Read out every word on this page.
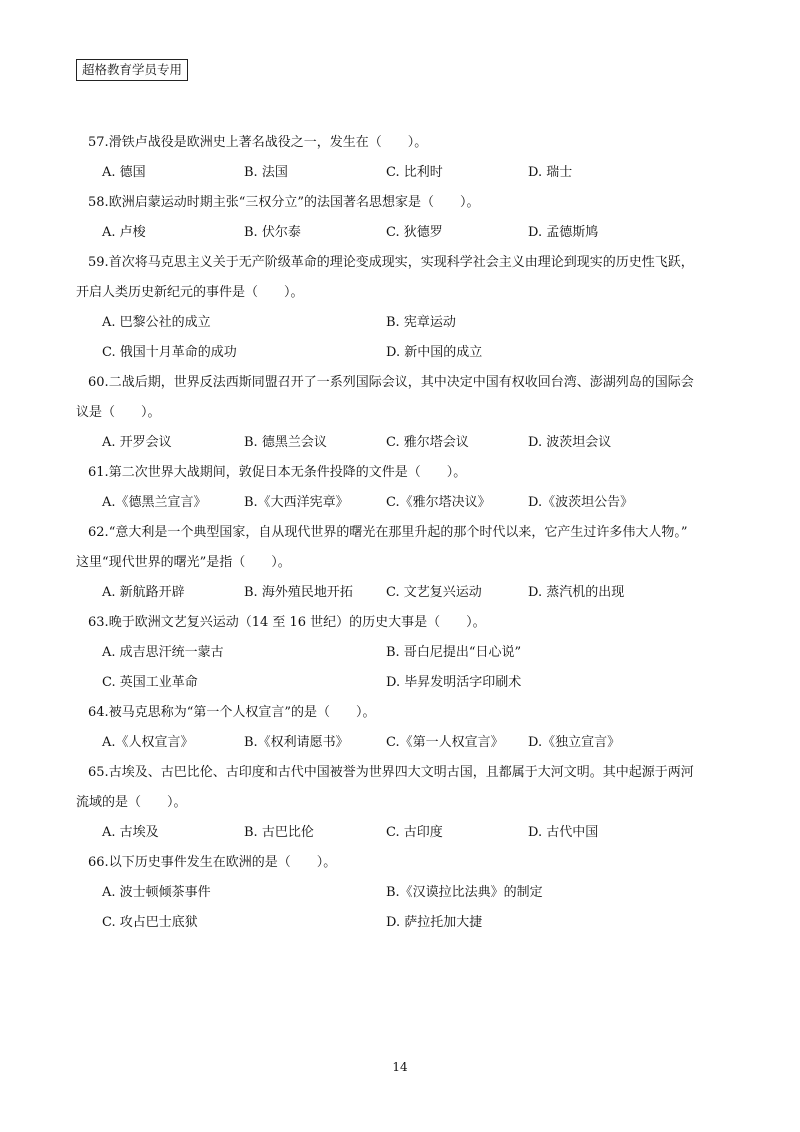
超格教育学员专用

57.滑铁卢战役是欧洲史上著名战役之一，发生在（　　）。

A. 德国	B. 法国	C. 比利时	D. 瑞士

58.欧洲启蒙运动时期主张“三权分立”的法国著名思想家是（　　）。

A. 卢梭	B. 伏尔泰	C. 狄德罗	D. 孟德斯鸠

59.首次将马克思主义关于无产阶级革命的理论变成现实，实现科学社会主义由理论到现实的历史性飞跃，
开启人类历史新纪元的事件是（　　）。

A. 巴黎公社的成立	B. 宪章运动
C. 俄国十月革命的成功	D. 新中国的成立

60.二战后期，世界反法西斯同盟召开了一系列国际会议，其中决定中国有权收回台湾、澎湖列岛的国际会
议是（　　）。

A. 开罗会议	B. 德黑兰会议	C. 雅尔塔会议	D. 波茨坦会议

61.第二次世界大战期间，敦促日本无条件投降的文件是（　　）。

A.《德黑兰宣言》	B.《大西洋宪章》	C.《雅尔塔决议》	D.《波茨坦公告》

62.“意大利是一个典型国家，自从现代世界的曙光在那里升起的那个时代以来，它产生过许多伟大人物。”
这里“现代世界的曙光”是指（　　）。

A. 新航路开辟	B. 海外殖民地开拓	C. 文艺复兴运动	D. 蒸汽机的出现

63.晚于欧洲文艺复兴运动（14 至 16 世纪）的历史大事是（　　）。

A. 成吉思汗统一蒙古	B. 哥白尼提出“日心说”
C. 英国工业革命	D. 毕昇发明活字印刷术

64.被马克思称为“第一个人权宣言”的是（　　）。

A.《人权宣言》	B.《权利请愿书》	C.《第一人权宣言》	D.《独立宣言》

65.古埃及、古巴比伦、古印度和古代中国被誉为世界四大文明古国，且都属于大河文明。其中起源于两河
流域的是（　　）。

A. 古埃及	B. 古巴比伦	C. 古印度	D. 古代中国

66.以下历史事件发生在欧洲的是（　　）。

A. 波士顿倾茶事件	B.《汉谟拉比法典》的制定
C. 攻占巴士底狱	D. 萨拉托加大捷
14
